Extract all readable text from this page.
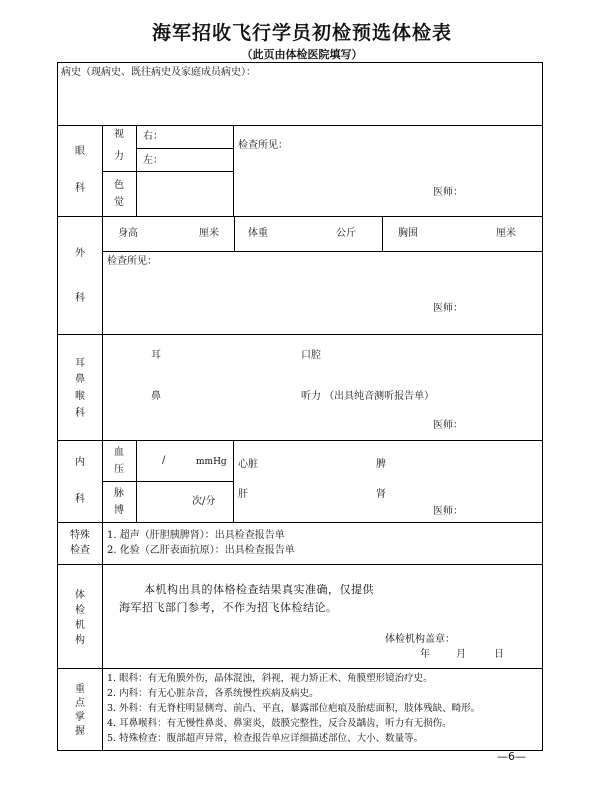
海军招收飞行学员初检预选体检表
（此页由体检医院填写）
病史（现病史、既往病史及家庭成员病史）：
眼
科
视
力
右：
左：
色
觉
检查所见：
医师：
外
科
身高	厘米	体重	公斤	胸围	厘米
检查所见：
医师：
耳
鼻
喉
科
耳	口腔
鼻	听力 （出具纯音测听报告单）
医师：
内
科
血
压
/	mmHg
脉
博
次/分
心脏	脾
肝	肾
医师：
特殊
检查
1. 超声（肝胆胰脾肾）：出具检查报告单
2. 化验（乙肝表面抗原）：出具检查报告单
体
检
机
构
本机构出具的体格检查结果真实准确，仅提供
海军招飞部门参考，不作为招飞体检结论。
体检机构盖章：
年	月	日
重
点
掌
握
1. 眼科：有无角膜外伤，晶体混浊，斜视，视力矫正术、角膜塑形镜治疗史。
2. 内科：有无心脏杂音，各系统慢性疾病及病史。
3. 外科：有无脊柱明显侧弯、前凸、平直，暴露部位疤痕及胎痣面积，肢体残缺、畸形。
4. 耳鼻喉科：有无慢性鼻炎、鼻窦炎，鼓膜完整性，反合及龋齿，听力有无损伤。
5. 特殊检查：腹部超声异常，检查报告单应详细描述部位、大小、数量等。
—6—
